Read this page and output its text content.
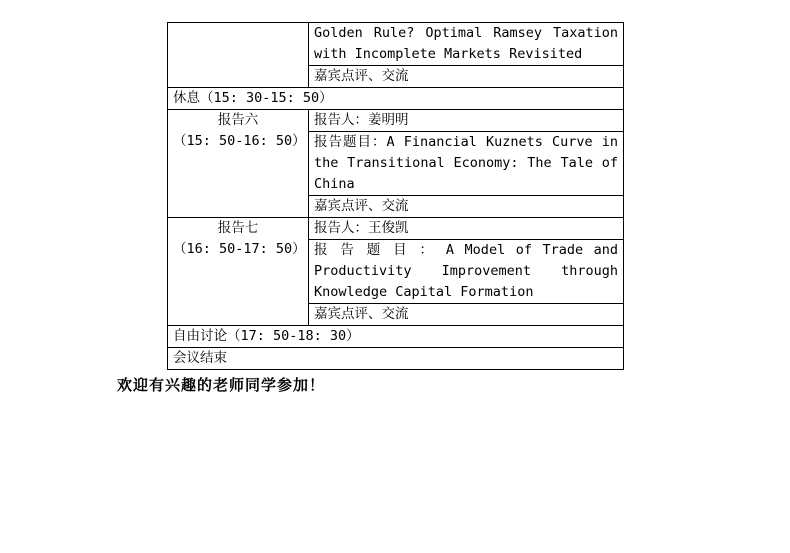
	Golden Rule? Optimal Ramsey Taxation with Incomplete Markets Revisited
	嘉宾点评、交流
休息（15: 30-15: 50）	

报告六
（15: 50-16: 50）	报告人：姜明明
	报告题目：A Financial Kuznets Curve in the Transitional Economy: The Tale of China
	嘉宾点评、交流

报告七
（16: 50-17: 50）	报告人：王俊凯
	报 告 题 目 ： A Model of Trade and Productivity Improvement through Knowledge Capital Formation
	嘉宾点评、交流
自由讨论（17: 50-18: 30）	
会议结束	
欢迎有兴趣的老师同学参加！
